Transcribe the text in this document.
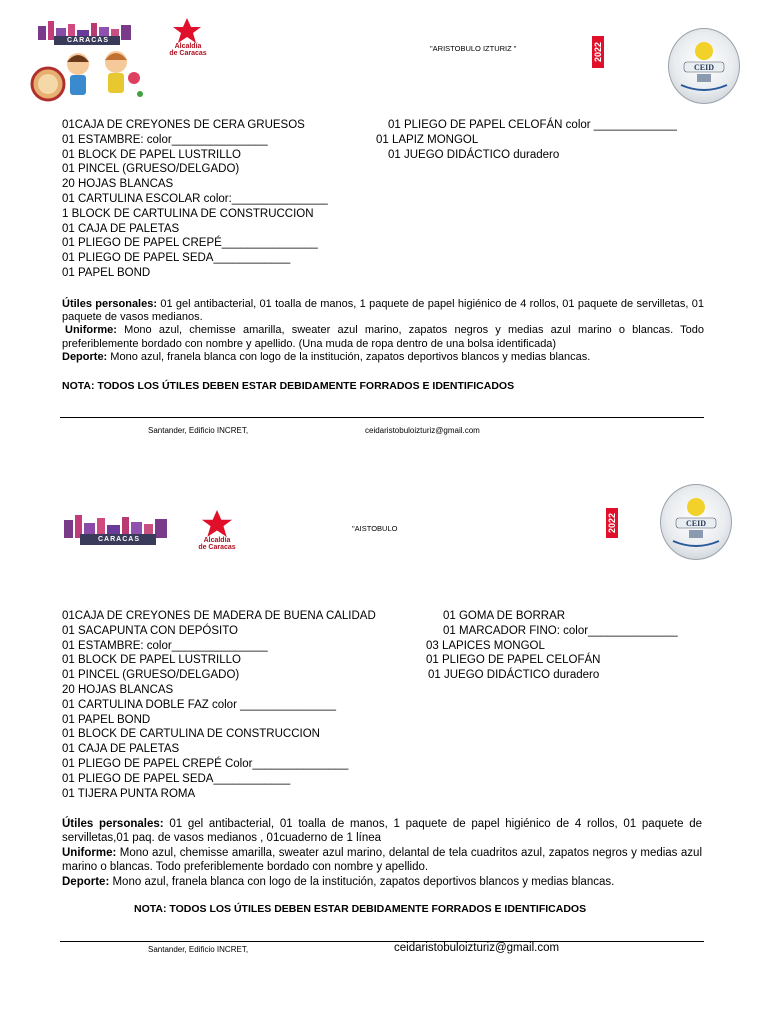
CARACAS
Alcaldía
de Caracas
"ARISTOBULO IZTURIZ "	2022
CEID
01CAJA DE CREYONES DE CERA GRUESOS
01 ESTAMBRE: color_______________
01 BLOCK DE PAPEL LUSTRILLO
01 PINCEL (GRUESO/DELGADO)
20 HOJAS BLANCAS
01 CARTULINA ESCOLAR color:_______________
1 BLOCK DE CARTULINA DE CONSTRUCCION
01 CAJA DE PALETAS
01 PLIEGO DE PAPEL CREPÉ_______________
01 PLIEGO DE PAPEL SEDA____________
01 PAPEL BOND
01 PLIEGO DE PAPEL CELOFÁN color _____________
01 LAPIZ MONGOL
01 JUEGO DIDÁCTICO duradero
Útiles personales: 01 gel antibacterial, 01 toalla de manos, 1 paquete de papel higiénico de 4 rollos, 01 paquete de servilletas, 01 paquete de vasos medianos.
Uniforme: Mono azul, chemisse amarilla, sweater azul marino, zapatos negros y medias azul marino o blancas. Todo preferiblemente bordado con nombre y apellido. (Una muda de ropa dentro de una bolsa identificada)
Deporte: Mono azul, franela blanca con logo de la institución, zapatos deportivos blancos y medias blancas.
NOTA: TODOS LOS ÚTILES DEBEN ESTAR DEBIDAMENTE FORRADOS E IDENTIFICADOS
Santander, Edificio INCRET,	ceidaristobuloizturiz@gmail.com
CARACAS	Alcaldía
de Caracas
"AISTOBULO	2022	CEID
01CAJA DE CREYONES DE MADERA DE BUENA CALIDAD
01 SACAPUNTA CON DEPÓSITO
01 ESTAMBRE: color_______________
01 BLOCK DE PAPEL LUSTRILLO
01 PINCEL (GRUESO/DELGADO)
20 HOJAS BLANCAS
01 CARTULINA DOBLE FAZ color _______________
01 PAPEL BOND
01 BLOCK DE CARTULINA DE CONSTRUCCION
01 CAJA DE PALETAS
01 PLIEGO DE PAPEL CREPÉ Color_______________
01 PLIEGO DE PAPEL SEDA____________
01 TIJERA PUNTA ROMA
01 GOMA DE BORRAR
01 MARCADOR FINO: color______________
03 LAPICES MONGOL
01 PLIEGO DE PAPEL CELOFÁN
01 JUEGO DIDÁCTICO duradero
Útiles personales: 01 gel antibacterial, 01 toalla de manos, 1 paquete de papel higiénico de 4 rollos, 01 paquete de servilletas,01 paq. de vasos medianos , 01cuaderno de 1 línea
Uniforme: Mono azul, chemisse amarilla, sweater azul marino, delantal de tela cuadritos azul, zapatos negros y medias azul marino o blancas. Todo preferiblemente bordado con nombre y apellido.
Deporte: Mono azul, franela blanca con logo de la institución, zapatos deportivos blancos y medias blancas.
NOTA: TODOS LOS ÚTILES DEBEN ESTAR DEBIDAMENTE FORRADOS E IDENTIFICADOS
Santander, Edificio INCRET,	ceidaristobuloizturiz@gmail.com
